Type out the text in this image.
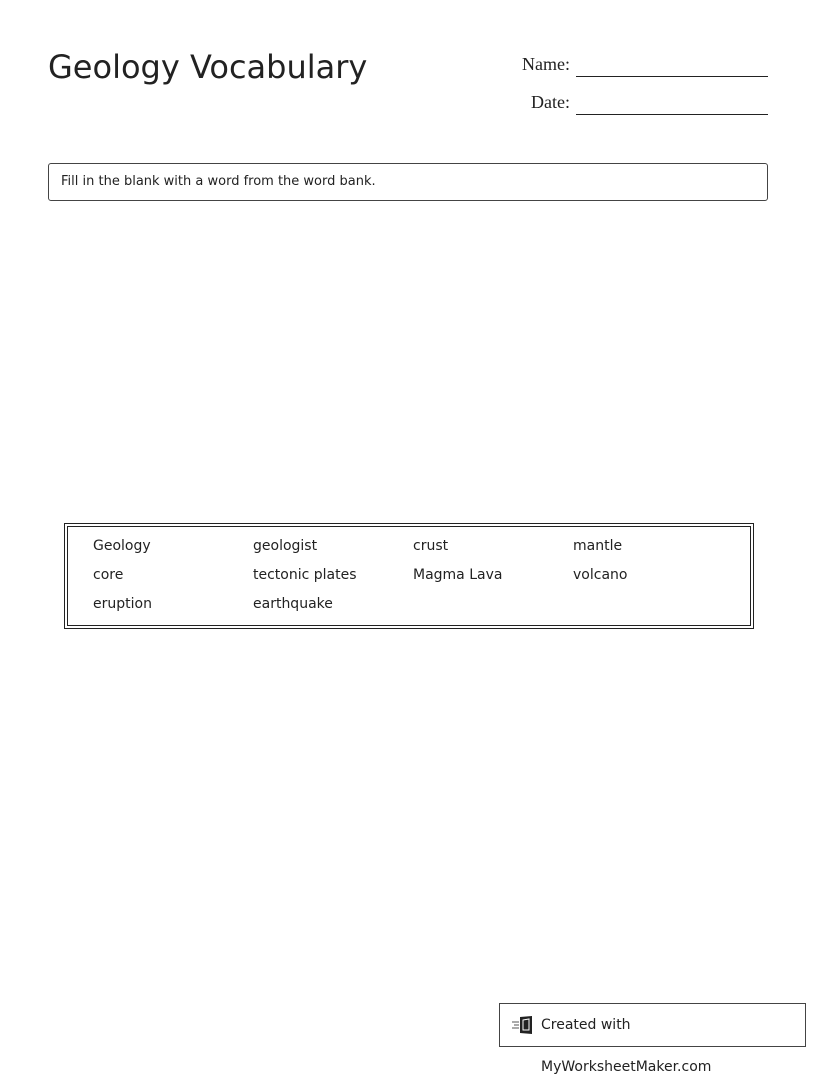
Geology Vocabulary	Name:
Date:
Fill in the blank with a word from the word bank.
Geology	geologist	crust	mantle
core	tectonic plates	Magma Lava	volcano
eruption	earthquake
Created with MyWorksheetMaker.com
